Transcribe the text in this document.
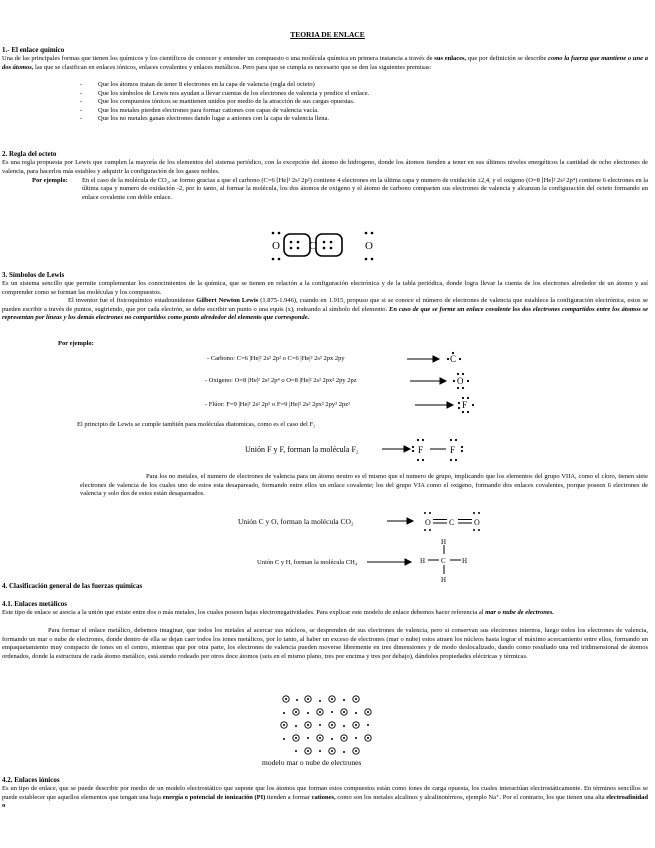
TEORIA DE ENLACE
1.- El enlace químico
Una de las principales formas que tienen los químicos y los científicos de conocer y entender un compuesto o una molécula química en primera instancia a través de sus enlaces, que por definición se describe como la fuerza que mantiene o une a dos átomos, las que se clasifican en enlaces iónicos, enlaces covalentes y enlaces metálicos. Pero para que se cumpla es necesario que se den las siguientes premisas:
- Que los átomos tratan de tener 8 electrones en la capa de valencia (regla del octeto)
- Que los símbolos de Lewis nos ayudan a llevar cuentas de los electrones de valencia y predice el enlace.
- Que los compuestos iónicos se mantienen unidos por medio de la atracción de sus cargas opuestas.
- Que los metales pierden electrones para formar cationes con capas de valencia vacía.
- Que los no metales ganan electrones dando lugar a aniones con la capa de valencia llena.
2. Regla del octeto
Es una regla propuesta por Lewis que cumplen la mayoría de los elementos del sistema periódico, con la excepción del átomo de hidrogeno, donde los átomos tienden a tener en sus últimos niveles energéticos la cantidad de ocho electrones de valencia, para hacerlos más estables y adquirir la configuración de los gases nobles.
Por ejemplo: En el caso de la molécula de CO₂, se formo gracias a que el carbono (C=6 [He]² 2s² 2p²) contiene 4 electrones en la última capa y numero de oxidación ±2,4, y el oxigeno (O=8 [He]² 2s² 2p⁴) contiene 6 electrones en la última capa y numero de oxidación -2, por lo tanto, al formar la molécula, los dos átomos de oxigeno y el átomo de carbono comparten sus electrones de valencia y alcanzan la configuración del octeto formando un enlace covalente con doble enlace.
O	C	O
3. Símbolos de Lewis
Es un sistema sencillo que permite complementar los conocimientos de la química, que se tienen en relación a la configuración electrónica y de la tabla periódica, donde logra llevar la cuenta de los electrones alrededor de un átomo y así comprender como se forman las moléculas y los compuestos.
El inventor fue el fisicoquímico estadounidense Gilbert Newton Lewis (1.875-1.946), cuando en 1.915, propuso que si se conoce el número de electrones de valencia que establece la configuración electrónica, estos se pueden escribir a través de puntos, sugiriendo, que por cada electrón, se debe escribir un punto o una equis (x), rodeando al símbolo del elemento. En caso de que se forme un enlace covalente los dos electrones compartidos entre los átomos se representan por líneas y los demás electrones no compartidos como punto alrededor del elemento que corresponde.
Por ejemplo:
- Carbono: C=6 |He|² 2s² 2p² o C=6 |He|² 2s² 2px 2py
- Oxigeno: O=8 |He|² 2s² 2p⁴ o O=8 |He|² 2s² 2px² 2py 2pz
- Flúor: F=9 |He|² 2s² 2p⁵ o F=9 |He|² 2s² 2px² 2py² 2pz¹
C
O
F
El principio de Lewis se cumple también para moléculas diatomicas, como es el caso del F₂
Unión F y F, forman la molécula F₂	F	F
Para los no metales, el numero de electrones de valencia para un átomo neutro es el mismo que el numero de grupo, implicando que los elementos del grupo VIIA, como el cloro, tienen siete electrones de valencia de los cuales uno de estos esta desapareado, formando entre ellos un enlace covalente; los del grupo VIA como el oxigeno, formando dos enlaces covalentes, porque poseen 6 electrones de valencia y solo dos de estos están desapareados.
Unión C y O, forman la molécula CO₂	O C O
Unión C y H, forman la molécula CH₄	H C H
H
H
4. Clasificación general de las fuerzas químicas
4.1. Enlaces metálicos
Este tipo de enlace se asocia a la unión que existe entre dos o más metales, los cuales poseen bajas electronegatividades. Para explicar este modelo de enlace debemos hacer referencia al mar o nube de electrones.
Para formar el enlace metálico, debemos imaginar, que todos los metales al acercar sus núcleos, se desprenden de sus electrones de valencia, pero si conservan sus electrones internos, luego todos los electrones de valencia, formando un mar o nube de electrones, donde dentro de ella se dejan caer todos los iones metálicos, por lo tanto, al haber un exceso de electrones (mar o nube) estos atraen los núcleos hasta lograr el máximo acercamiento entre ellos, formando un empaquetamiento muy compacto de iones en el centro, mientras que por otra parte, los electrones de valencia pueden moverse libremente en tres dimensiones y de modo deslocalizado, dando como resultado una red tridimensional de átomos ordenados, donde la estructura de cada átomo metálico, está siendo rodeado por otros doce átomos (seis en el mismo plano, tres por encima y tres por debajo), dándoles propiedades eléctricas y térmicas.
modelo mar o nube de electrones
4.2. Enlaces iónicos
Es un tipo de enlace, que se puede describir por medio de un modelo electrostático que supone que los átomos que forman estos compuestos están como iones de carga opuesta, los cuales interactúan electrostáticamente. En términos sencillos se puede establecer que aquellos elementos que tengan una baja energía o potencial de ionización (PI) tienden a formar cationes, como son los metales alcalinos y alcalinotérreos, ejemplo Na⁺. Por el contrario, los que tienen una alta electroafinidad o
